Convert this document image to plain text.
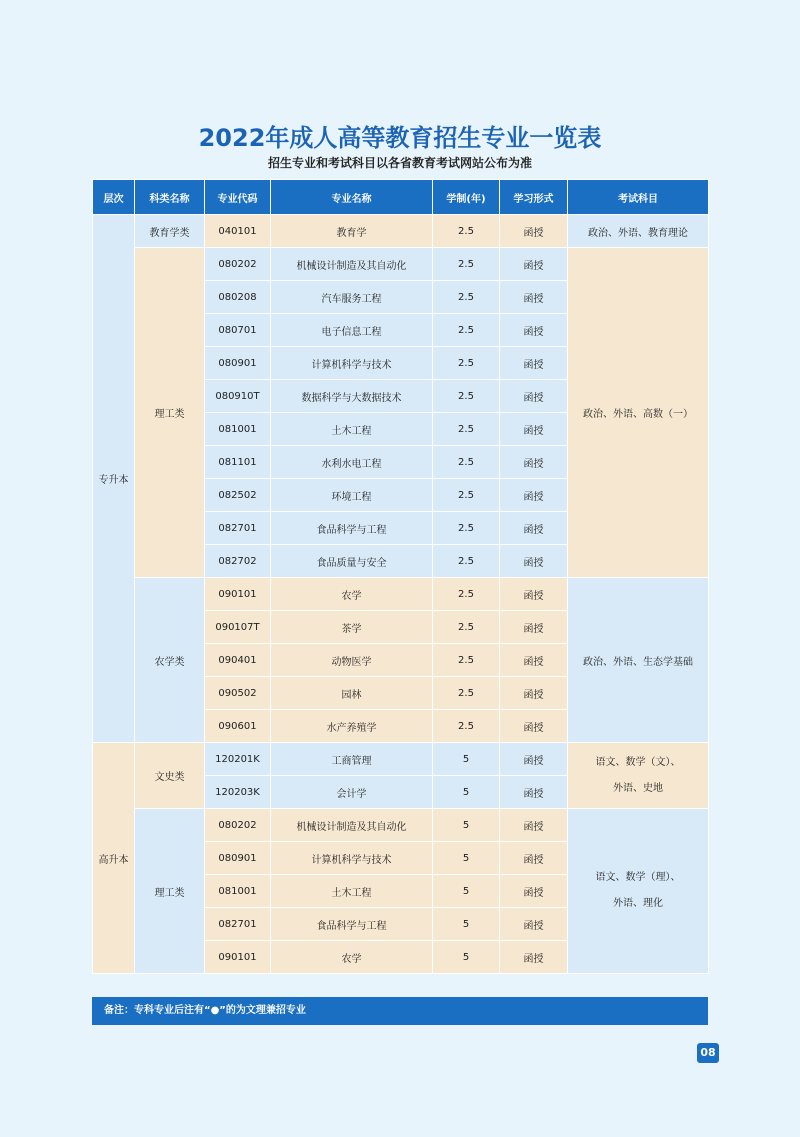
2022年成人高等教育招生专业一览表
招生专业和考试科目以各省教育考试网站公布为准
层次	科类名称	专业代码	专业名称	学制(年)	学习形式	考试科目
专升本	教育学类	040101	教育学	2.5	函授	政治、外语、教育理论
	理工类	080202	机械设计制造及其自动化	2.5	函授	政治、外语、高数（一）
		080208	汽车服务工程	2.5	函授	
		080701	电子信息工程	2.5	函授	
		080901	计算机科学与技术	2.5	函授	
		080910T	数据科学与大数据技术	2.5	函授	
		081001	土木工程	2.5	函授	
		081101	水利水电工程	2.5	函授	
		082502	环境工程	2.5	函授	
		082701	食品科学与工程	2.5	函授	
		082702	食品质量与安全	2.5	函授	
	农学类	090101	农学	2.5	函授	政治、外语、生态学基础
		090107T	茶学	2.5	函授	
		090401	动物医学	2.5	函授	
		090502	园林	2.5	函授	
		090601	水产养殖学	2.5	函授	
高升本	文史类	120201K	工商管理	5	函授	语文、数学（文）、
外语、史地

		120203K	会计学	5	函授	
	理工类	080202	机械设计制造及其自动化	5	函授	语文、数学（理）、
外语、理化

		080901	计算机科学与技术	5	函授	
		081001	土木工程	5	函授	
		082701	食品科学与工程	5	函授	
		090101	农学	5	函授	
备注：专科专业后注有“●”的为文理兼招专业
08
